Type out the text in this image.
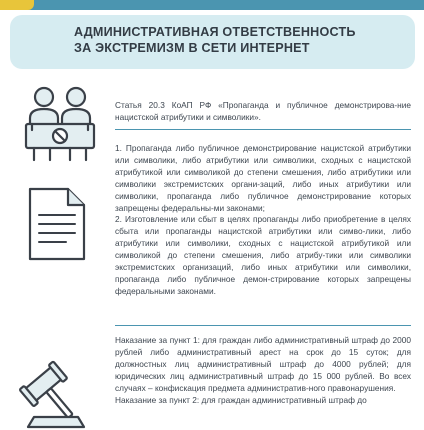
АДМИНИСТРАТИВНАЯ ОТВЕТСТВЕННОСТЬ
ЗА ЭКСТРЕМИЗМ В СЕТИ ИНТЕРНЕТ

Статья 20.3 КоАП РФ «Пропаганда и публичное демонстрирова-ние нацистской атрибутики и символики».

1. Пропаганда либо публичное демонстрирование нацистской атрибутики или символики, либо атрибутики или символики, сходных с нацистской атрибутикой или символикой до степени смешения, либо атрибутики или символики экстремистских органи-заций, либо иных атрибутики или символики, пропаганда либо публичное демонстрирование которых запрещены федеральны-ми законами;

2. Изготовление или сбыт в целях пропаганды либо приобретение в целях сбыта или пропаганды нацистской атрибутики или симво-лики, либо атрибутики или символики, сходных с нацистской атрибутикой или символикой до степени смешения, либо атрибу-тики или символики экстремистских организаций, либо иных атрибутики или символики, пропаганда либо публичное демон-стрирование которых запрещены федеральными законами.

Наказание за пункт 1: для граждан либо административный штраф до 2000 рублей либо административный арест на срок до 15 суток; для должностных лиц административный штраф до 4000 рублей; для юридических лиц административный штраф до 15 000 рублей. Во всех случаях – конфискация предмета административ-ного правонарушения.

Наказание за пункт 2: для граждан административный штраф до
